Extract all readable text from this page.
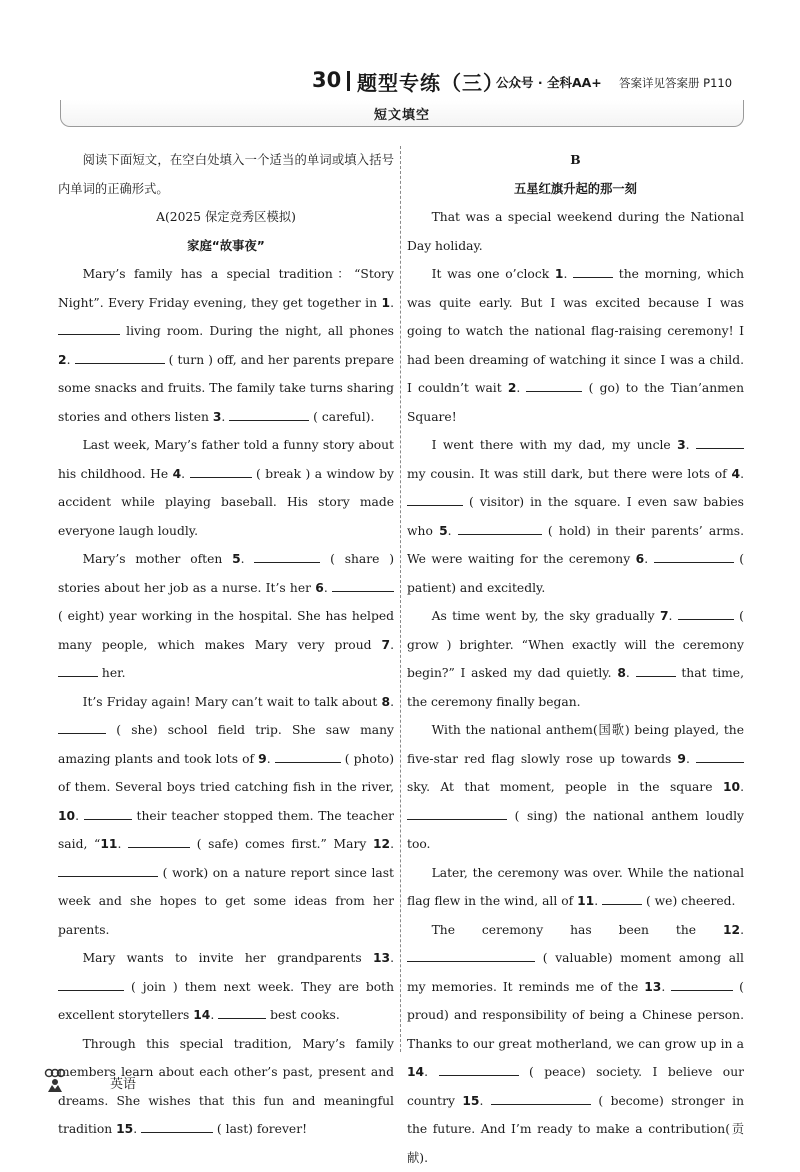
30 题型专练（三）
公众号 · 全科AA+ 答案详见答案册 P110
短文填空

阅读下面短文，在空白处填入一个适当的单词或填入括号内单词的正确形式。

A(2025 保定竞秀区模拟)

家庭“故事夜”

Mary’s family has a special tradition：“Story Night”. Every Friday evening, they get together in 1.  living room. During the night, all phones 2.	( turn ) off, and her parents prepare some snacks and fruits. The family take turns sharing stories and others listen 3.	( careful).

Last week, Mary’s father told a funny story about his childhood. He 4.	( break ) a window by accident while playing baseball. His story made everyone laugh loudly.

Mary’s mother often 5.	( share ) stories about her job as a nurse. It’s her 6.  ( eight) year working in the hospital. She has helped many people, which makes Mary very proud 7.  her.

It’s Friday again! Mary can’t wait to talk about 8.  ( she) school field trip. She saw many amazing plants and took lots of 9.	( photo) of them. Several boys tried catching fish in the river, 10.	their teacher stopped them. The teacher said, “11.	( safe) comes first.” Mary 12.  ( work) on a nature report since last week and she hopes to get some ideas from her parents.

Mary wants to invite her grandparents 13.  ( join ) them next week. They are both excellent storytellers 14.	best cooks.

Through this special tradition, Mary’s family members learn about each other’s past, present and dreams. She wishes that this fun and meaningful tradition 15.	( last) forever!

B

五星红旗升起的那一刻

That was a special weekend during the National Day holiday.

It was one o’clock 1.	the morning, which was quite early. But I was excited because I was going to watch the national flag-raising ceremony! I had been dreaming of watching it since I was a child. I couldn’t wait 2.	( go) to the Tian’anmen Square!

I went there with my dad, my uncle 3.  my cousin. It was still dark, but there were lots of 4.  ( visitor) in the square. I even saw babies who 5.	( hold) in their parents’ arms. We were waiting for the ceremony 6.	( patient) and excitedly.

As time went by, the sky gradually 7.	( grow ) brighter. “When exactly will the ceremony begin?” I asked my dad quietly. 8.	that time, the ceremony finally began.

With the national anthem(国歌) being played, the five-star red flag slowly rose up towards 9.  sky. At that moment, people in the square 10.  ( sing) the national anthem loudly too.

Later, the ceremony was over. While the national flag flew in the wind, all of 11.	( we) cheered.

The ceremony has been the 12.  ( valuable) moment among all my memories. It reminds me of the 13.	( proud) and responsibility of being a Chinese person. Thanks to our great motherland, we can grow up in a 14.	( peace) society. I believe our country 15.	( become) stronger in the future. And I’m ready to make a contribution(贡献).

英语
